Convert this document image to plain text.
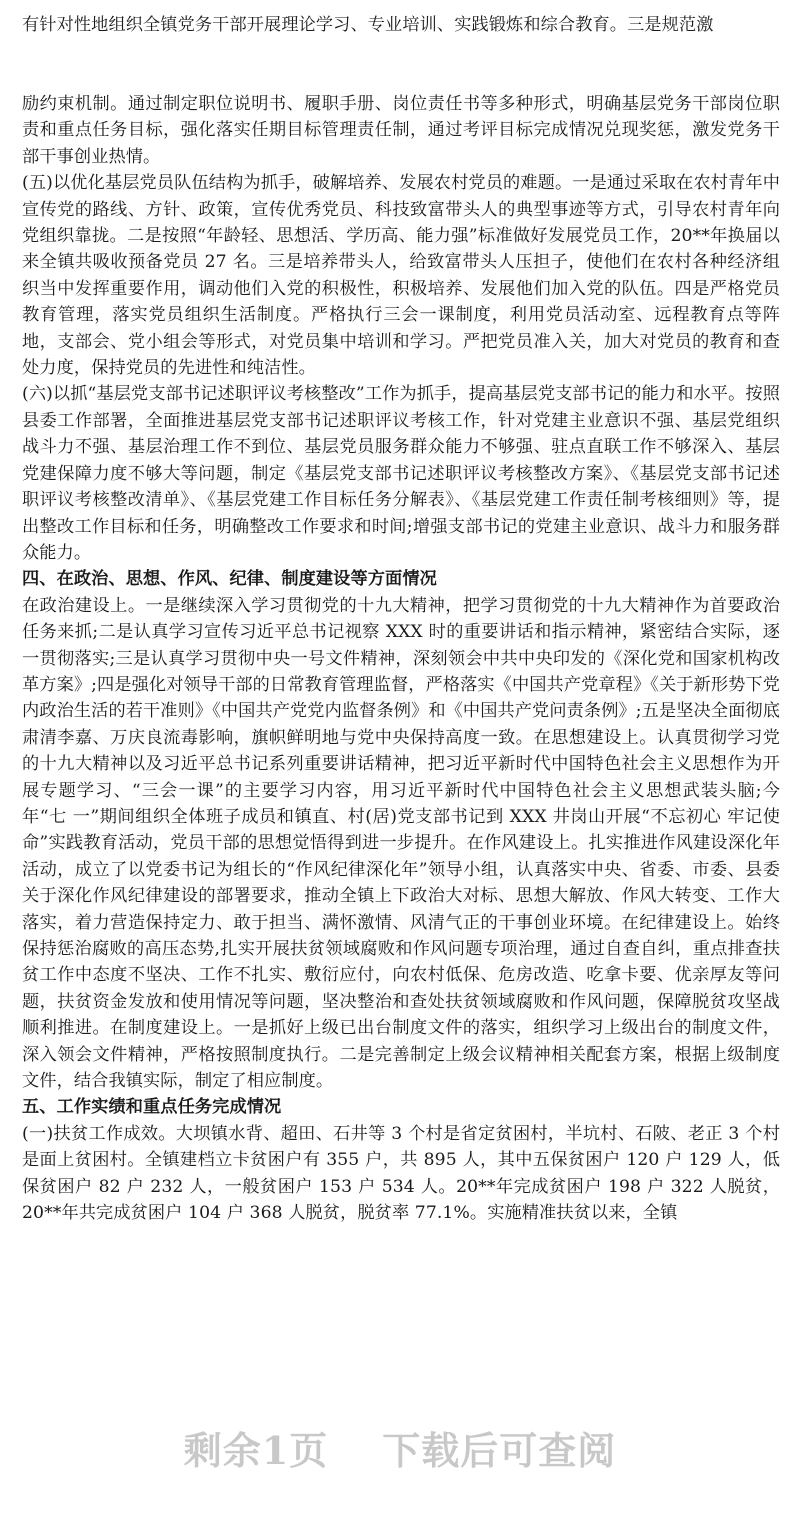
​

有针对性地组织全镇党务干部开展理论学习、专业培训、实践锻炼和综合教育。三是规范激

励约束机制。通过制定职位说明书、履职手册、岗位责任书等多种形式，明确基层党务干部岗位职责和重点任务目标，强化落实任期目标管理责任制，通过考评目标完成情况兑现奖惩，激发党务干部干事创业热情。

(五)以优化基层党员队伍结构为抓手，破解培养、发展农村党员的难题。一是通过采取在农村青年中宣传党的路线、方针、政策，宣传优秀党员、科技致富带头人的典型事迹等方式，引导农村青年向党组织靠拢。二是按照“年龄轻、思想活、学历高、能力强”标准做好发展党员工作，20**年换届以来全镇共吸收预备党员 27 名。三是培养带头人，给致富带头人压担子，使他们在农村各种经济组织当中发挥重要作用，调动他们入党的积极性，积极培养、发展他们加入党的队伍。四是严格党员教育管理，落实党员组织生活制度。严格执行三会一课制度，利用党员活动室、远程教育点等阵地，支部会、党小组会等形式，对党员集中培训和学习。严把党员准入关，加大对党员的教育和查处力度，保持党员的先进性和纯洁性。

(六)以抓“基层党支部书记述职评议考核整改”工作为抓手，提高基层党支部书记的能力和水平。按照县委工作部署，全面推进基层党支部书记述职评议考核工作，针对党建主业意识不强、基层党组织战斗力不强、基层治理工作不到位、基层党员服务群众能力不够强、驻点直联工作不够深入、基层党建保障力度不够大等问题，制定《基层党支部书记述职评议考核整改方案》、《基层党支部书记述职评议考核整改清单》、《基层党建工作目标任务分解表》、《基层党建工作责任制考核细则》等，提出整改工作目标和任务，明确整改工作要求和时间;增强支部书记的党建主业意识、战斗力和服务群众能力。

四、在政治、思想、作风、纪律、制度建设等方面情况

在政治建设上。一是继续深入学习贯彻党的十九大精神，把学习贯彻党的十九大精神作为首要政治任务来抓;二是认真学习宣传习近平总书记视察 XXX 时的重要讲话和指示精神，紧密结合实际，逐一贯彻落实;三是认真学习贯彻中央一号文件精神，深刻领会中共中央印发的《深化党和国家机构改革方案》;四是强化对领导干部的日常教育管理监督，严格落实《中国共产党章程》《关于新形势下党内政治生活的若干准则》《中国共产党党内监督条例》和《中国共产党问责条例》;五是坚决全面彻底肃清李嘉、万庆良流毒影响，旗帜鲜明地与党中央保持高度一致。在思想建设上。认真贯彻学习党的十九大精神以及习近平总书记系列重要讲话精神，把习近平新时代中国特色社会主义思想作为开展专题学习、“三会一课”的主要学习内容，用习近平新时代中国特色社会主义思想武装头脑;今年“七 一”期间组织全体班子成员和镇直、村(居)党支部书记到 XXX 井岗山开展“不忘初心 牢记使命”实践教育活动，党员干部的思想觉悟得到进一步提升。在作风建设上。扎实推进作风建设深化年活动，成立了以党委书记为组长的“作风纪律深化年”领导小组，认真落实中央、省委、市委、县委关于深化作风纪律建设的部署要求，推动全镇上下政治大对标、思想大解放、作风大转变、工作大落实，着力营造保持定力、敢于担当、满怀激情、风清气正的干事创业环境。在纪律建设上。始终保持惩治腐败的高压态势,扎实开展扶贫领域腐败和作风问题专项治理，通过自查自纠，重点排查扶贫工作中态度不坚决、工作不扎实、敷衍应付，向农村低保、危房改造、吃拿卡要、优亲厚友等问题，扶贫资金发放和使用情况等问题，坚决整治和查处扶贫领域腐败和作风问题，保障脱贫攻坚战顺利推进。在制度建设上。一是抓好上级已出台制度文件的落实，组织学习上级出台的制度文件，深入领会文件精神，严格按照制度执行。二是完善制定上级会议精神相关配套方案，根据上级制度文件，结合我镇实际，制定了相应制度。

五、工作实绩和重点任务完成情况

(一)扶贫工作成效。大坝镇水背、超田、石井等 3 个村是省定贫困村，半坑村、石陂、老正 3 个村是面上贫困村。全镇建档立卡贫困户有 355 户，共 895 人，其中五保贫困户 120 户 129 人，低保贫困户 82 户 232 人，一般贫困户 153 户 534 人。20**年完成贫困户 198 户 322 人脱贫，20**年共完成贫困户 104 户 368 人脱贫，脱贫率 77.1%。实施精准扶贫以来，全镇

剩余1页 下载后可查阅
